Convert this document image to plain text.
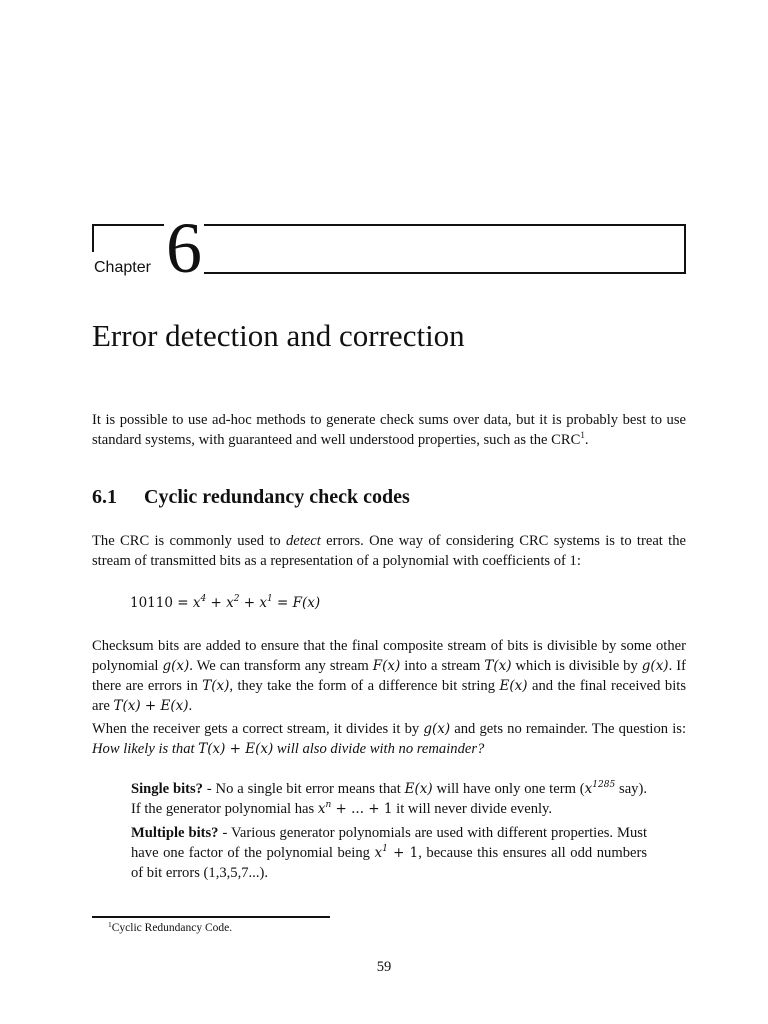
Chapter 6
Error detection and correction

It is possible to use ad-hoc methods to generate check sums over data, but it is probably best to use standard systems, with guaranteed and well understood properties, such as the CRC$^1$.

6.1 Cyclic redundancy check codes

The CRC is commonly used to detect errors. One way of considering CRC systems is to treat the stream of transmitted bits as a representation of a polynomial with coefficients of 1:

$10110 = x^4 + x^2 + x^1 = F(x)$

Checksum bits are added to ensure that the final composite stream of bits is divisible by some other polynomial g(x). We can transform any stream F(x) into a stream T(x) which is divisible by g(x). If there are errors in T(x), they take the form of a difference bit string E(x) and the final received bits are T(x) + E(x).

When the receiver gets a correct stream, it divides it by g(x) and gets no remainder. The question is: How likely is that T(x) + E(x) will also divide with no remainder?

Single bits? - No a single bit error means that E(x) will have only one term ($x^{1285}$ say). If the generator polynomial has $x^n$ + ... + 1 it will never divide evenly.

Multiple bits? - Various generator polynomials are used with different properties. Must have one factor of the polynomial being $x^1 + 1$, because this ensures all odd numbers of bit errors (1,3,5,7...).

$^1$Cyclic Redundancy Code.

59
